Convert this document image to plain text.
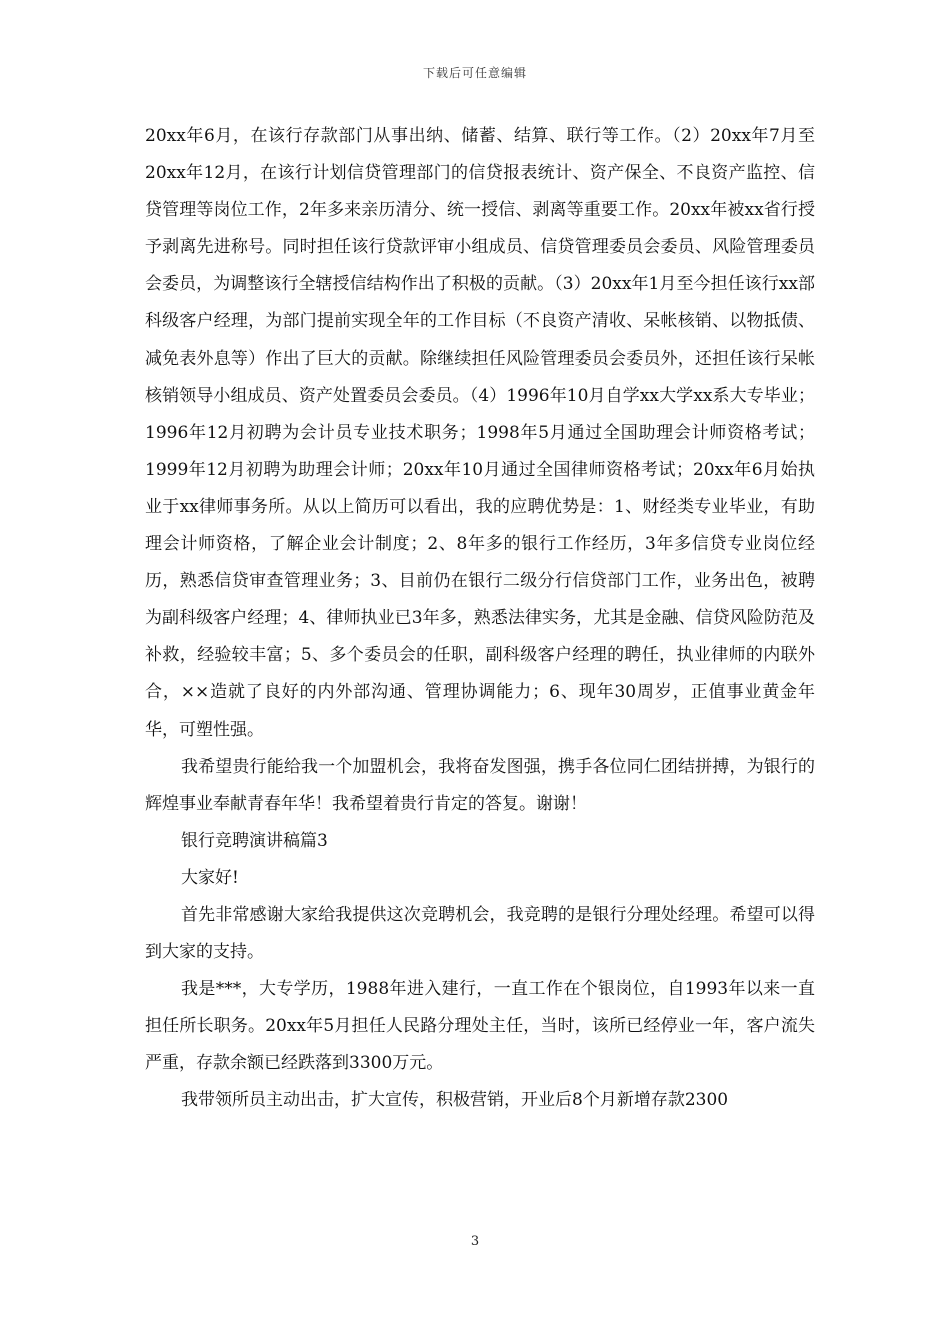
下载后可任意编辑

20xx年6月，在该行存款部门从事出纳、储蓄、结算、联行等工作。（2）20xx年7月至20xx年12月，在该行计划信贷管理部门的信贷报表统计、资产保全、不良资产监控、信贷管理等岗位工作，2年多来亲历清分、统一授信、剥离等重要工作。20xx年被xx省行授予剥离先进称号。同时担任该行贷款评审小组成员、信贷管理委员会委员、风险管理委员会委员，为调整该行全辖授信结构作出了积极的贡献。（3）20xx年1月至今担任该行xx部科级客户经理，为部门提前实现全年的工作目标（不良资产清收、呆帐核销、以物抵债、减免表外息等）作出了巨大的贡献。除继续担任风险管理委员会委员外，还担任该行呆帐核销领导小组成员、资产处置委员会委员。（4）1996年10月自学xx大学xx系大专毕业；1996年12月初聘为会计员专业技术职务；1998年5月通过全国助理会计师资格考试；1999年12月初聘为助理会计师；20xx年10月通过全国律师资格考试；20xx年6月始执业于xx律师事务所。从以上简历可以看出，我的应聘优势是：1、财经类专业毕业，有助理会计师资格，了解企业会计制度；2、8年多的银行工作经历，3年多信贷专业岗位经历，熟悉信贷审查管理业务；3、目前仍在银行二级分行信贷部门工作，业务出色，被聘为副科级客户经理；4、律师执业已3年多，熟悉法律实务，尤其是金融、信贷风险防范及补救，经验较丰富；5、多个委员会的任职，副科级客户经理的聘任，执业律师的内联外合，××造就了良好的内外部沟通、管理协调能力；6、现年30周岁，正值事业黄金年华，可塑性强。

我希望贵行能给我一个加盟机会，我将奋发图强，携手各位同仁团结拼搏，为银行的辉煌事业奉献青春年华！我希望着贵行肯定的答复。谢谢！

银行竞聘演讲稿篇3

大家好!

首先非常感谢大家给我提供这次竞聘机会，我竞聘的是银行分理处经理。希望可以得到大家的支持。

我是***，大专学历，1988年进入建行，一直工作在个银岗位，自1993年以来一直担任所长职务。20xx年5月担任人民路分理处主任，当时，该所已经停业一年，客户流失严重，存款余额已经跌落到3300万元。

我带领所员主动出击，扩大宣传，积极营销，开业后8个月新增存款2300

3
